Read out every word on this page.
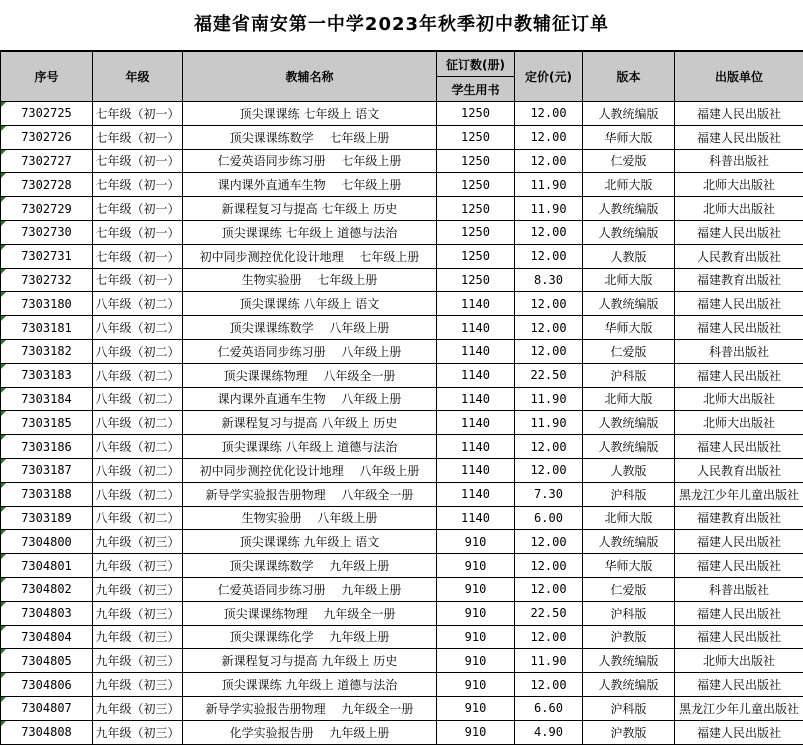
福建省南安第一中学2023年秋季初中教辅征订单
序号	年级	教辅名称	征订数(册)	定价(元)	版本	出版单位
			学生用书			
7302725	七年级（初一）	顶尖课课练 七年级上 语文	1250	12.00	人教统编版	福建人民出版社
7302726	七年级（初一）	顶尖课课练数学　 七年级上册	1250	12.00	华师大版	福建人民出版社
7302727	七年级（初一）	仁爱英语同步练习册　 七年级上册	1250	12.00	仁爱版	科普出版社
7302728	七年级（初一）	课内课外直通车生物　 七年级上册	1250	11.90	北师大版	北师大出版社
7302729	七年级（初一）	新课程复习与提高 七年级上 历史	1250	11.90	人教统编版	北师大出版社
7302730	七年级（初一）	顶尖课课练 七年级上 道德与法治	1250	12.00	人教统编版	福建人民出版社
7302731	七年级（初一）	初中同步测控优化设计地理　 七年级上册	1250	12.00	人教版	人民教育出版社
7302732	七年级（初一）	生物实验册　 七年级上册	1250	8.30	北师大版	福建教育出版社
7303180	八年级（初二）	顶尖课课练 八年级上 语文	1140	12.00	人教统编版	福建人民出版社
7303181	八年级（初二）	顶尖课课练数学　 八年级上册	1140	12.00	华师大版	福建人民出版社
7303182	八年级（初二）	仁爱英语同步练习册　 八年级上册	1140	12.00	仁爱版	科普出版社
7303183	八年级（初二）	顶尖课课练物理　 八年级全一册	1140	22.50	沪科版	福建人民出版社
7303184	八年级（初二）	课内课外直通车生物　 八年级上册	1140	11.90	北师大版	北师大出版社
7303185	八年级（初二）	新课程复习与提高 八年级上 历史	1140	11.90	人教统编版	北师大出版社
7303186	八年级（初二）	顶尖课课练 八年级上 道德与法治	1140	12.00	人教统编版	福建人民出版社
7303187	八年级（初二）	初中同步测控优化设计地理　 八年级上册	1140	12.00	人教版	人民教育出版社
7303188	八年级（初二）	新导学实验报告册物理　 八年级全一册	1140	7.30	沪科版	黑龙江少年儿童出版社
7303189	八年级（初二）	生物实验册　 八年级上册	1140	6.00	北师大版	福建教育出版社
7304800	九年级（初三）	顶尖课课练 九年级上 语文	910	12.00	人教统编版	福建人民出版社
7304801	九年级（初三）	顶尖课课练数学　 九年级上册	910	12.00	华师大版	福建人民出版社
7304802	九年级（初三）	仁爱英语同步练习册　 九年级上册	910	12.00	仁爱版	科普出版社
7304803	九年级（初三）	顶尖课课练物理　 九年级全一册	910	22.50	沪科版	福建人民出版社
7304804	九年级（初三）	顶尖课课练化学　 九年级上册	910	12.00	沪教版	福建人民出版社
7304805	九年级（初三）	新课程复习与提高 九年级上 历史	910	11.90	人教统编版	北师大出版社
7304806	九年级（初三）	顶尖课课练 九年级上 道德与法治	910	12.00	人教统编版	福建人民出版社
7304807	九年级（初三）	新导学实验报告册物理　 九年级全一册	910	6.60	沪科版	黑龙江少年儿童出版社
7304808	九年级（初三）	化学实验报告册　 九年级上册	910	4.90	沪教版	福建人民出版社
